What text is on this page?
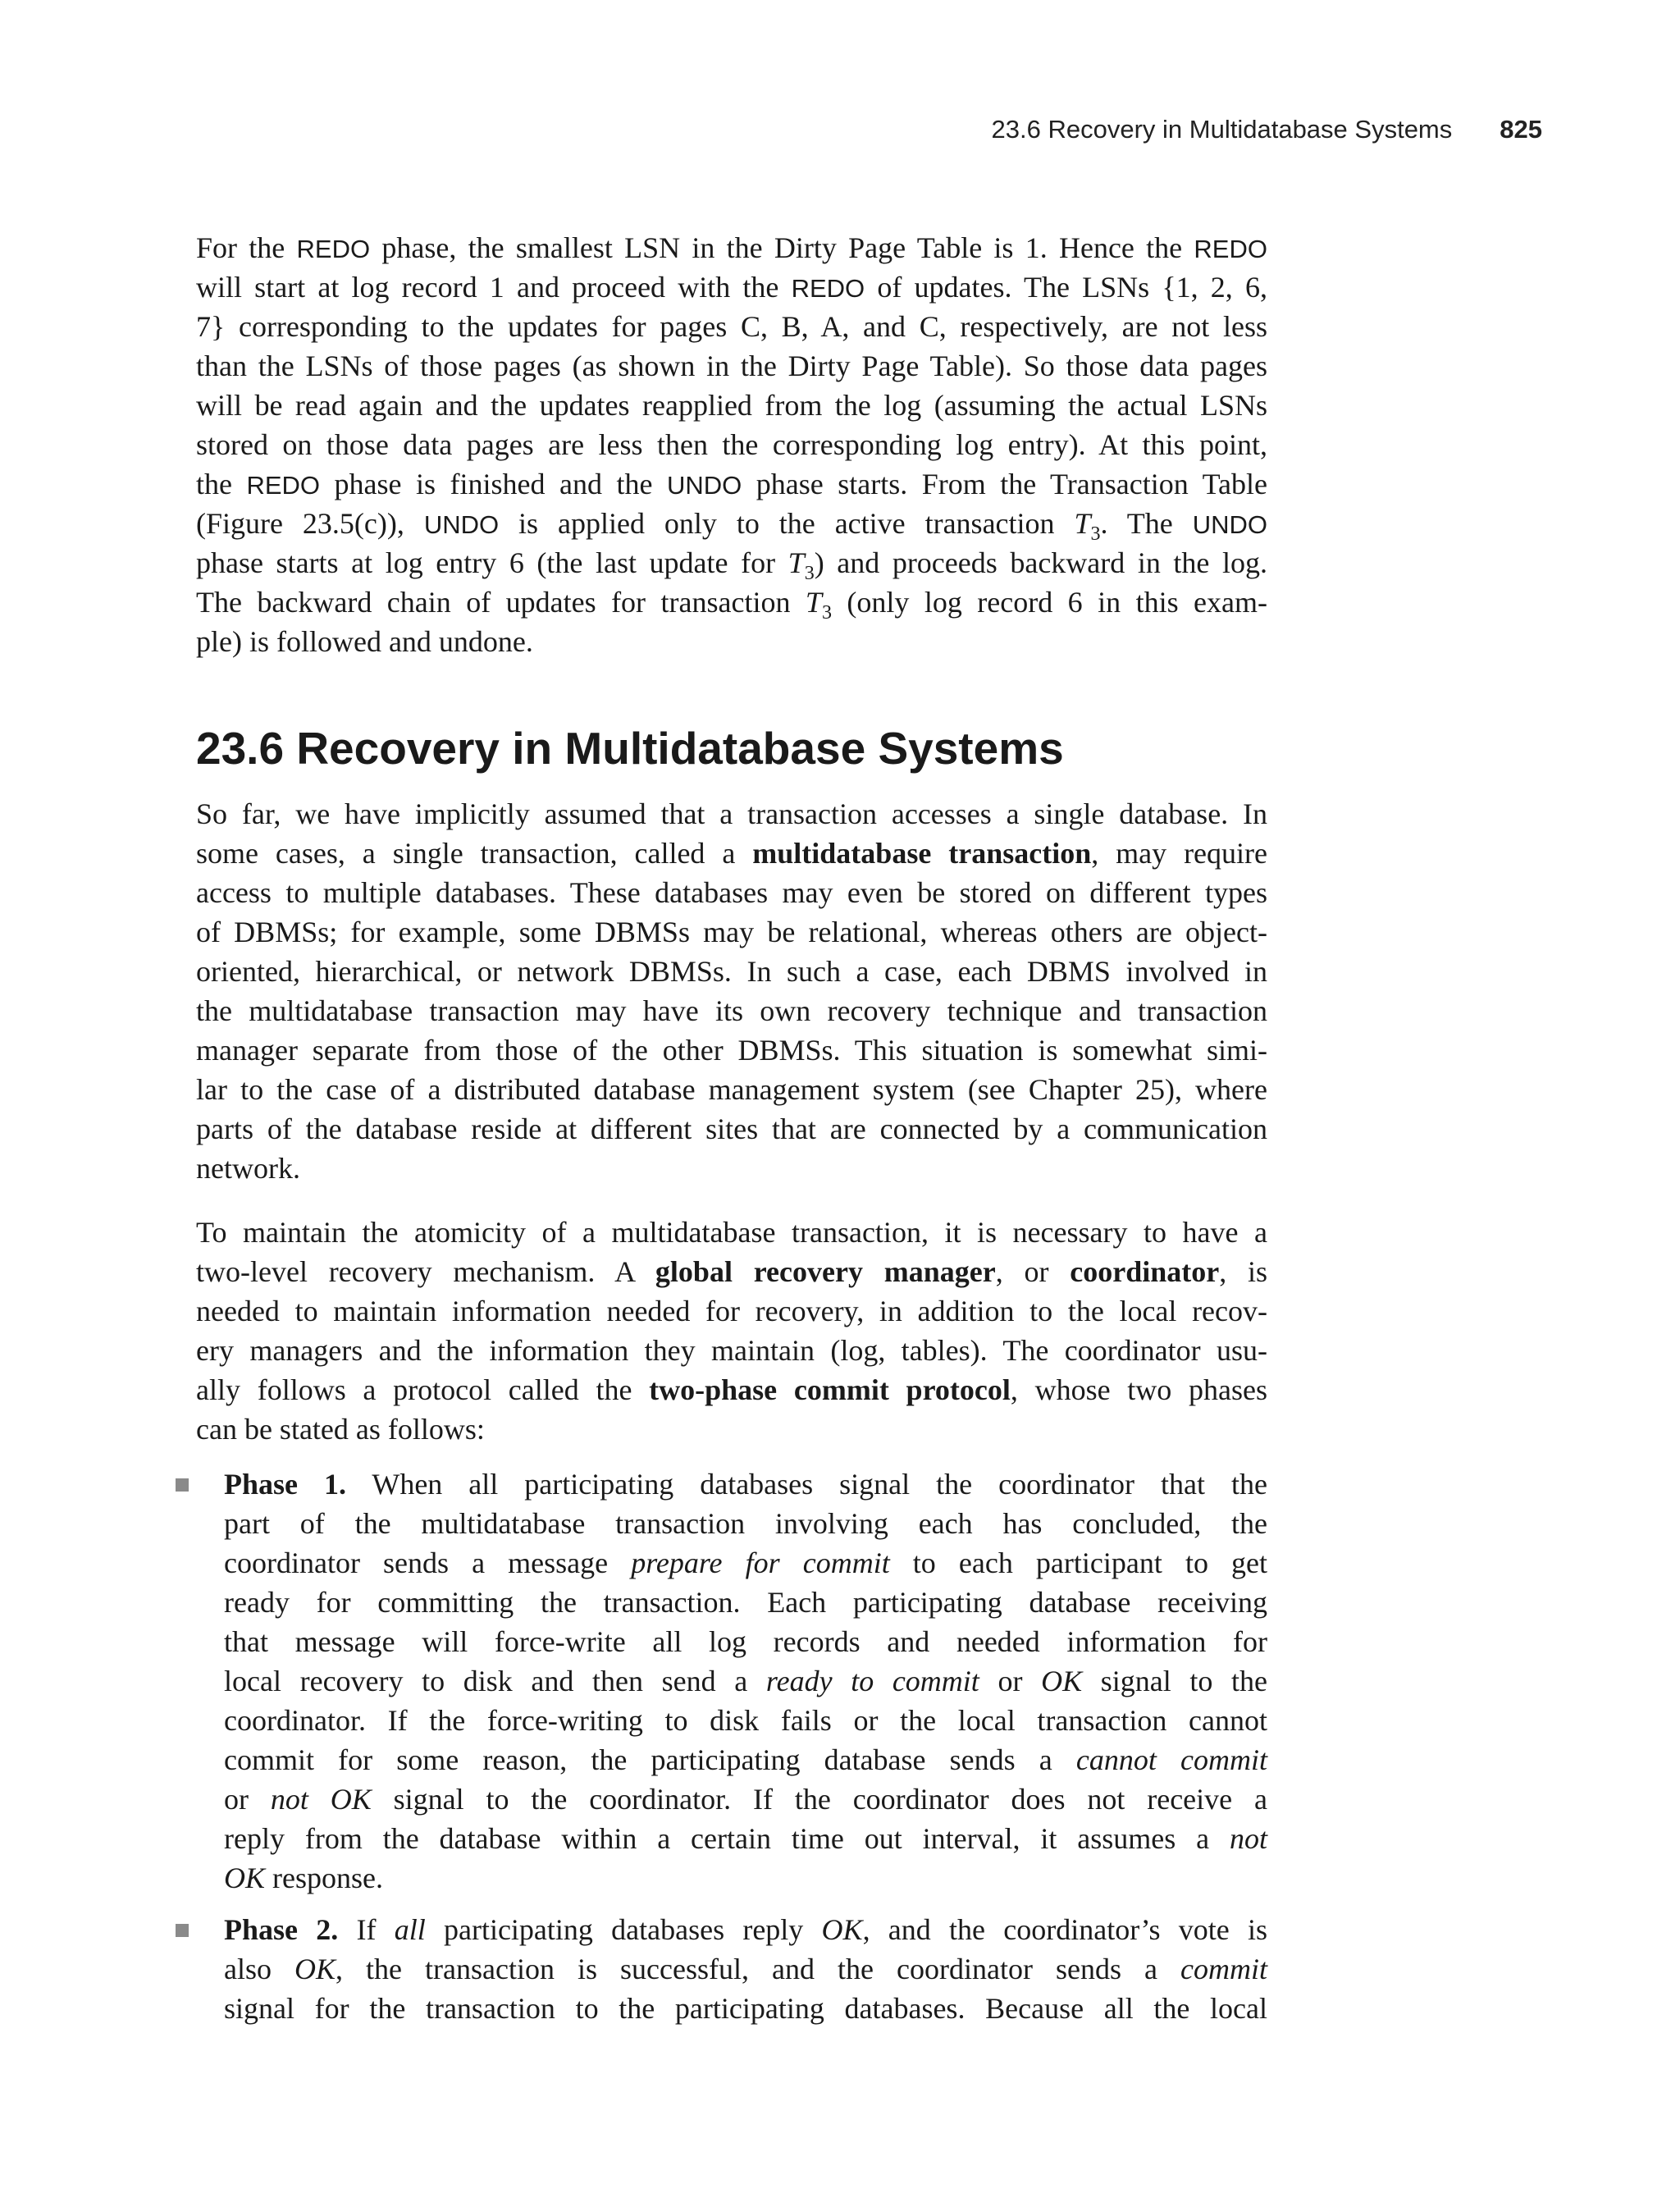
23.6 Recovery in Multidatabase Systems 825
For the REDO phase, the smallest LSN in the Dirty Page Table is 1. Hence the REDO
will start at log record 1 and proceed with the REDO of updates. The LSNs {1, 2, 6,
7} corresponding to the updates for pages C, B, A, and C, respectively, are not less
than the LSNs of those pages (as shown in the Dirty Page Table). So those data pages
will be read again and the updates reapplied from the log (assuming the actual LSNs
stored on those data pages are less then the corresponding log entry). At this point,
the REDO phase is finished and the UNDO phase starts. From the Transaction Table
(Figure 23.5(c)), UNDO is applied only to the active transaction $T_3$. The UNDO
phase starts at log entry 6 (the last update for $T_3$) and proceeds backward in the log.
The backward chain of updates for transaction $T_3$ (only log record 6 in this exam-
ple) is followed and undone.
23.6 Recovery in Multidatabase Systems
So far, we have implicitly assumed that a transaction accesses a single database. In
some cases, a single transaction, called a multidatabase transaction, may require
access to multiple databases. These databases may even be stored on different types
of DBMSs; for example, some DBMSs may be relational, whereas others are object-
oriented, hierarchical, or network DBMSs. In such a case, each DBMS involved in
the multidatabase transaction may have its own recovery technique and transaction
manager separate from those of the other DBMSs. This situation is somewhat simi-
lar to the case of a distributed database management system (see Chapter 25), where
parts of the database reside at different sites that are connected by a communication
network.
To maintain the atomicity of a multidatabase transaction, it is necessary to have a
two-level recovery mechanism. A global recovery manager, or coordinator, is
needed to maintain information needed for recovery, in addition to the local recov-
ery managers and the information they maintain (log, tables). The coordinator usu-
ally follows a protocol called the two-phase commit protocol, whose two phases
can be stated as follows:
Phase 1. When all participating databases signal the coordinator that the
part of the multidatabase transaction involving each has concluded, the
coordinator sends a message prepare for commit to each participant to get
ready for committing the transaction. Each participating database receiving
that message will force-write all log records and needed information for
local recovery to disk and then send a ready to commit or OK signal to the
coordinator. If the force-writing to disk fails or the local transaction cannot
commit for some reason, the participating database sends a cannot commit
or not OK signal to the coordinator. If the coordinator does not receive a
reply from the database within a certain time out interval, it assumes a not
OK response.
Phase 2. If all participating databases reply OK, and the coordinator’s vote is
also OK, the transaction is successful, and the coordinator sends a commit
signal for the transaction to the participating databases. Because all the local
